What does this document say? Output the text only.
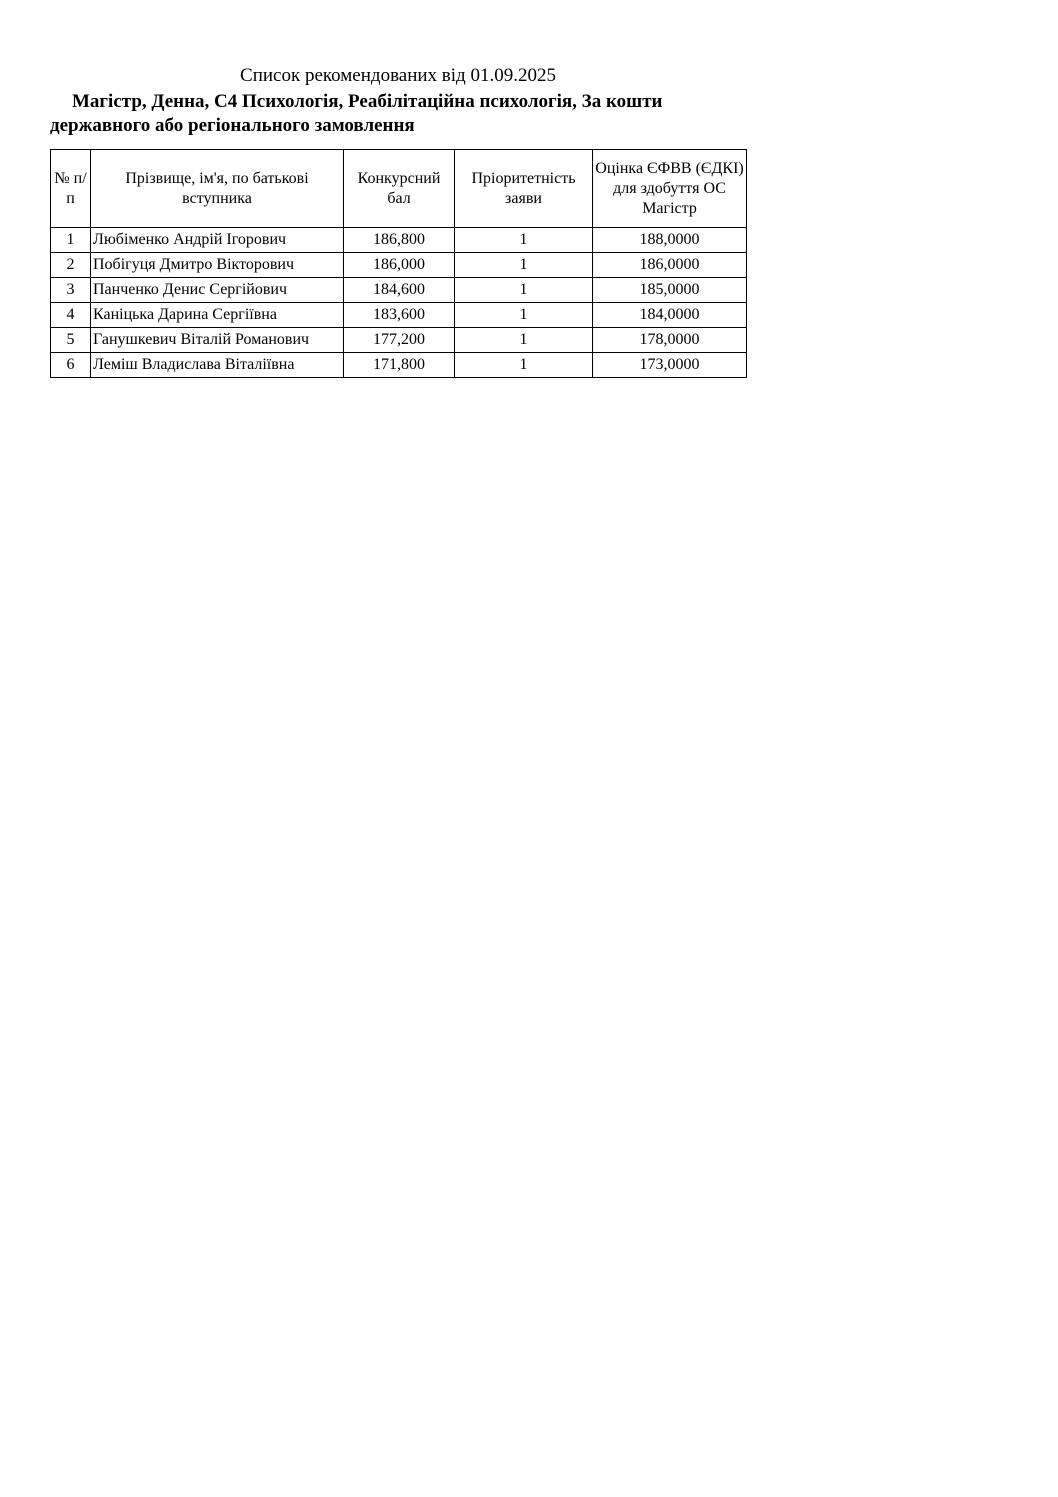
Список рекомендованих від 01.09.2025
Магістр, Денна, C4 Психологія, Реабілітаційна психологія, За кошти державного або регіонального замовлення
№ п/п	Прізвище, ім'я, по батькові вступника	Конкурсний бал	Пріоритетність заяви	Оцінка ЄФВВ (ЄДКІ) для здобуття ОС Магістр
1	Любіменко Андрій Ігорович	186,800	1	188,0000
2	Побігуця Дмитро Вікторович	186,000	1	186,0000
3	Панченко Денис Сергійович	184,600	1	185,0000
4	Каніцька Дарина Сергіївна	183,600	1	184,0000
5	Ганушкевич Віталій Романович	177,200	1	178,0000
6	Леміш Владислава Віталіївна	171,800	1	173,0000
